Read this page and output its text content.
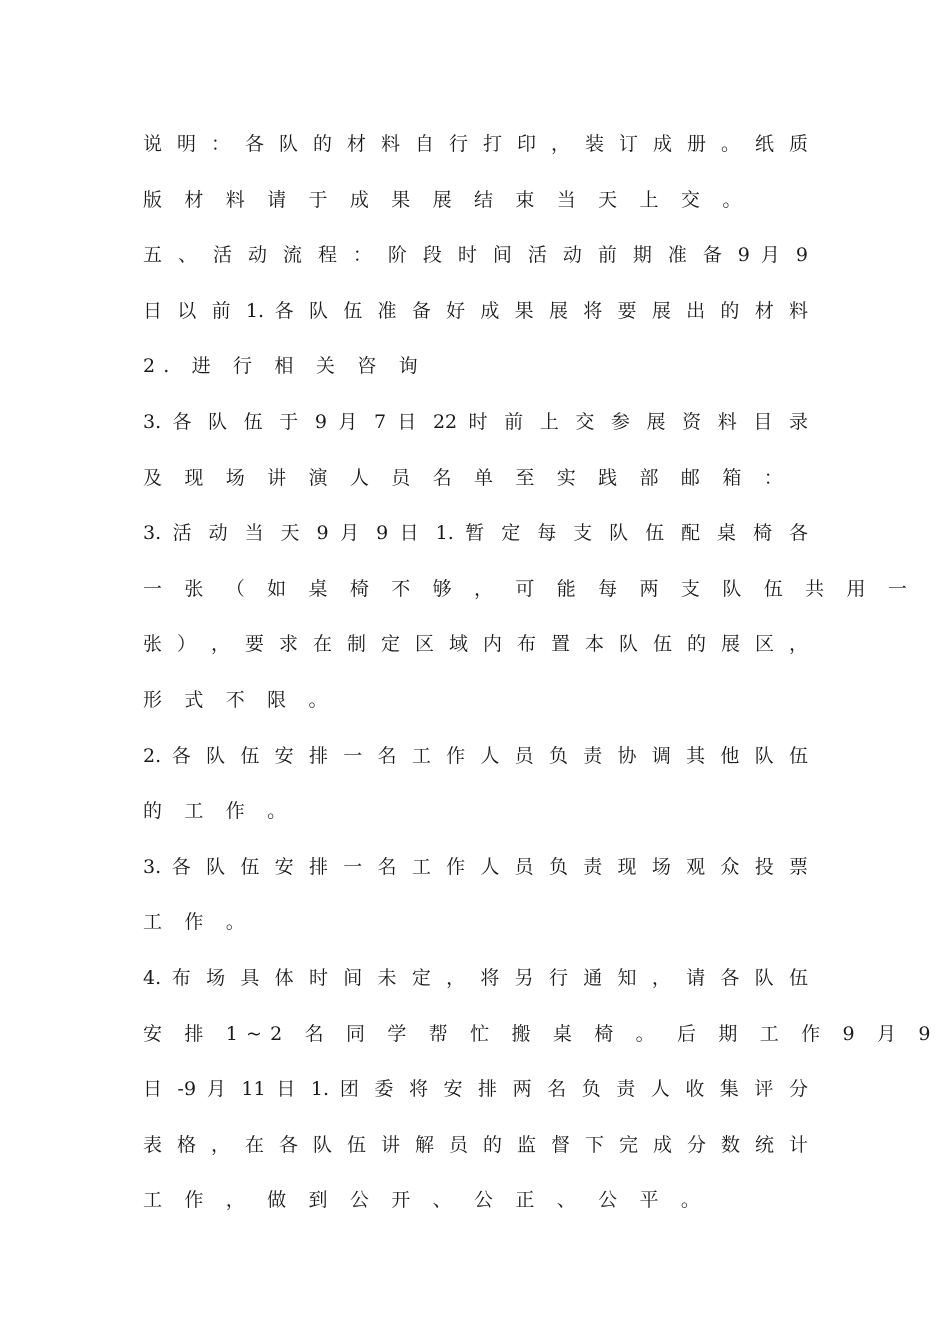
说 明 ： 各 队 的 材 料 自 行 打 印 ， 装 订 成 册 。 纸 质
版 材 料 请 于 成 果 展 结 束 当 天 上 交 。
五 、 活 动 流 程 ： 阶 段 时 间 活 动 前 期 准 备 9 月 9
日 以 前 1. 各 队 伍 准 备 好 成 果 展 将 要 展 出 的 材 料
2. 进 行 相 关 咨 询
3. 各 队 伍 于 9 月 7 日 22 时 前 上 交 参 展 资 料 目 录
及 现 场 讲 演 人 员 名 单 至 实 践 部 邮 箱 ：
3. 活 动 当 天 9 月 9 日 1. 暂 定 每 支 队 伍 配 桌 椅 各
一 张 （ 如 桌 椅 不 够 ， 可 能 每 两 支 队 伍 共 用 一
张 ） ， 要 求 在 制 定 区 域 内 布 置 本 队 伍 的 展 区 ，
形 式 不 限 。
2. 各 队 伍 安 排 一 名 工 作 人 员 负 责 协 调 其 他 队 伍
的 工 作 。
3. 各 队 伍 安 排 一 名 工 作 人 员 负 责 现 场 观 众 投 票
工 作 。
4. 布 场 具 体 时 间 未 定 ， 将 另 行 通 知 ， 请 各 队 伍
安 排 1~2 名 同 学 帮 忙 搬 桌 椅 。 后 期 工 作 9 月 9
日 -9 月 11 日 1. 团 委 将 安 排 两 名 负 责 人 收 集 评 分
表 格 ， 在 各 队 伍 讲 解 员 的 监 督 下 完 成 分 数 统 计
工 作 ， 做 到 公 开 、 公 正 、 公 平 。
